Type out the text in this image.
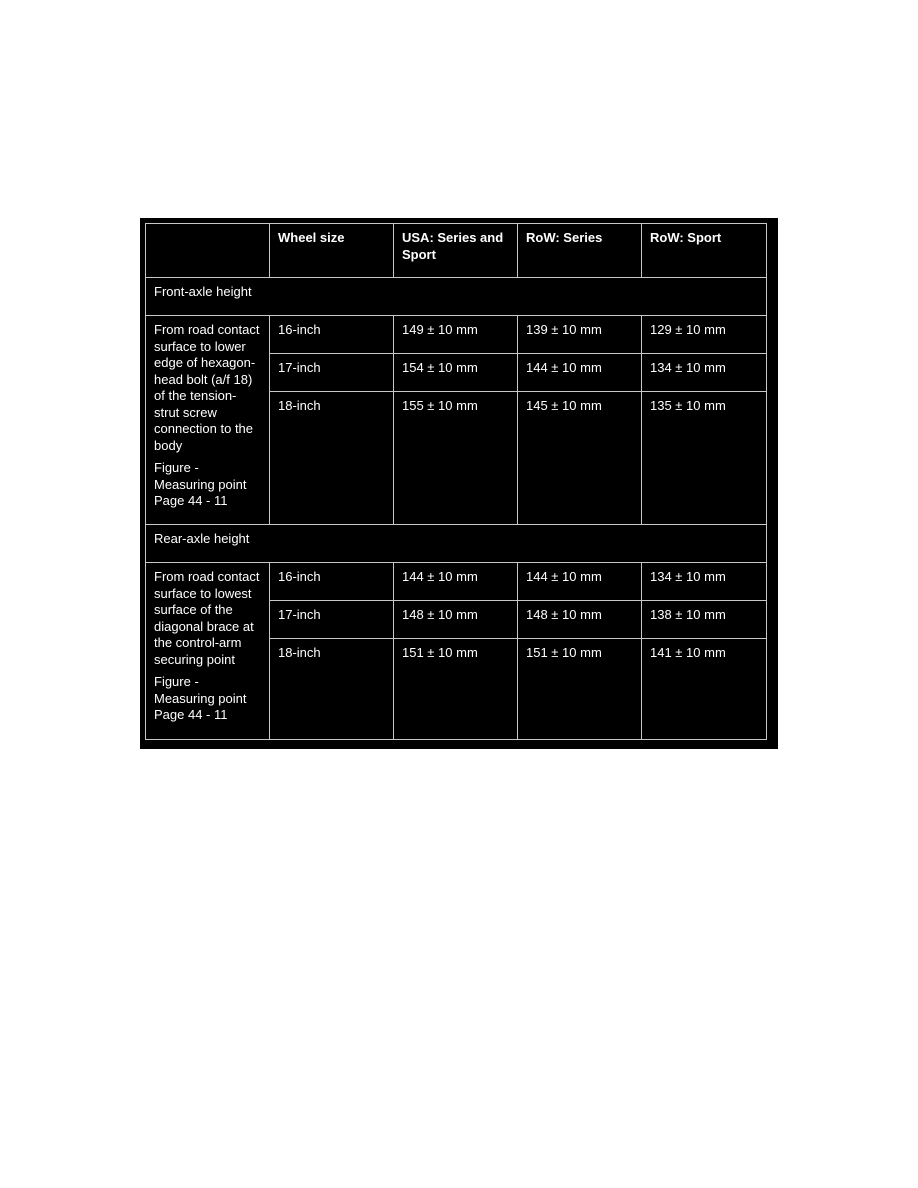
	Wheel size	USA: Series and Sport	RoW: Series	RoW: Sport
Front-axle height				

From road contact surface to lower edge of hexagon-head bolt (a/f 18) of the tension-strut screw connection to the body
Figure - Measuring point Page 44 - 11	16-inch	149 ± 10 mm	139 ± 10 mm	129 ± 10 mm
	17-inch	154 ± 10 mm	144 ± 10 mm	134 ± 10 mm
	18-inch	155 ± 10 mm	145 ± 10 mm	135 ± 10 mm
Rear-axle height				

From road contact surface to lowest surface of the diagonal brace at the control-arm securing point
Figure - Measuring point Page 44 - 11	16-inch	144 ± 10 mm	144 ± 10 mm	134 ± 10 mm
	17-inch	148 ± 10 mm	148 ± 10 mm	138 ± 10 mm
	18-inch	151 ± 10 mm	151 ± 10 mm	141 ± 10 mm
